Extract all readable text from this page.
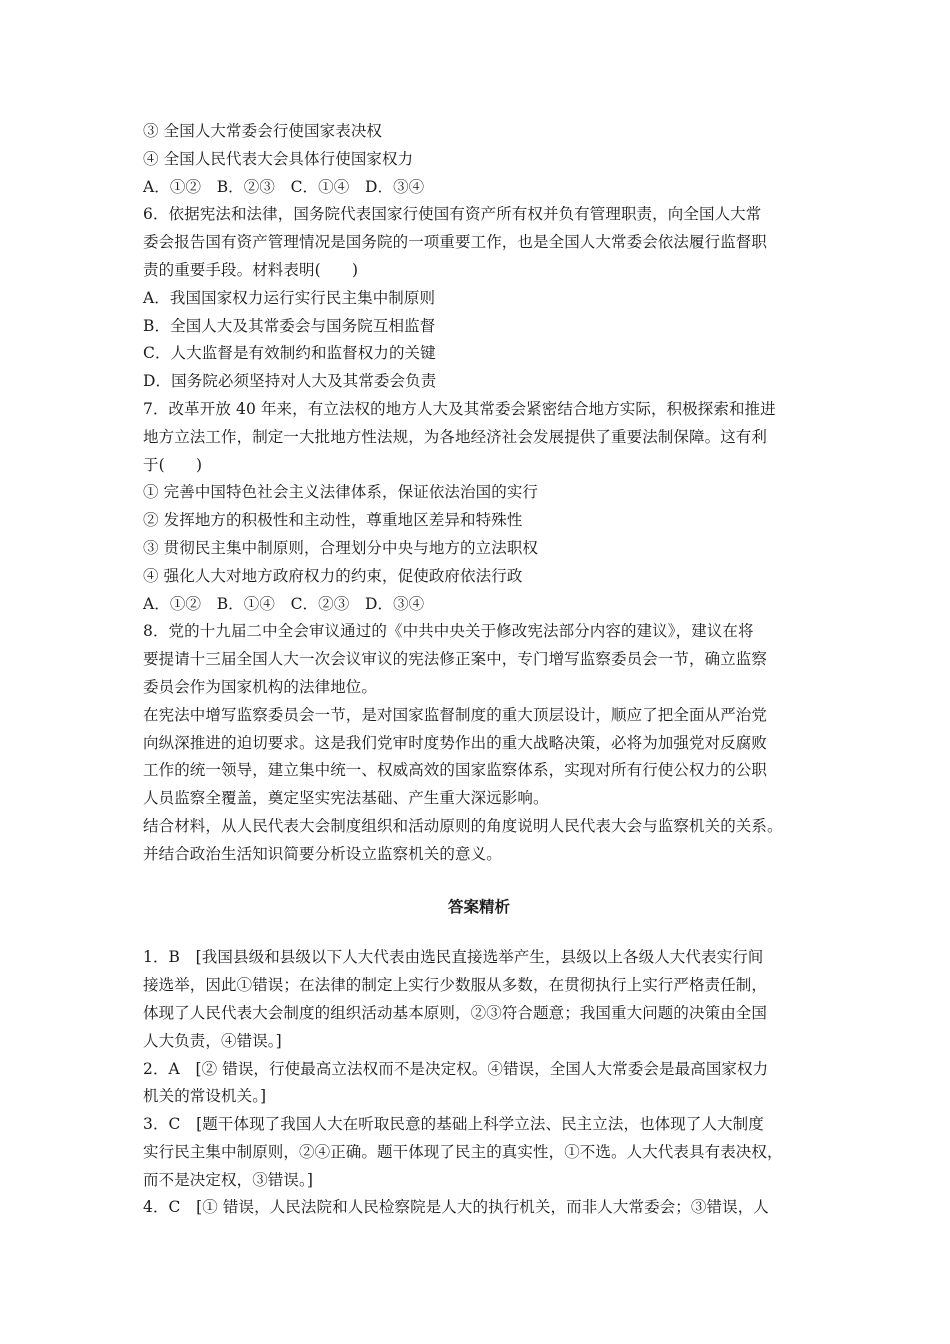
③ 全国人大常委会行使国家表决权
④ 全国人民代表大会具体行使国家权力
A．①②　B．②③　C．①④　D．③④
6．依据宪法和法律，国务院代表国家行使国有资产所有权并负有管理职责，向全国人大常
委会报告国有资产管理情况是国务院的一项重要工作，也是全国人大常委会依法履行监督职
责的重要手段。材料表明(　　)
A．我国国家权力运行实行民主集中制原则
B．全国人大及其常委会与国务院互相监督
C．人大监督是有效制约和监督权力的关键
D．国务院必须坚持对人大及其常委会负责
7．改革开放 40 年来，有立法权的地方人大及其常委会紧密结合地方实际，积极探索和推进
地方立法工作，制定一大批地方性法规，为各地经济社会发展提供了重要法制保障。这有利
于(　　)
① 完善中国特色社会主义法律体系，保证依法治国的实行
② 发挥地方的积极性和主动性，尊重地区差异和特殊性
③ 贯彻民主集中制原则，合理划分中央与地方的立法职权
④ 强化人大对地方政府权力的约束，促使政府依法行政
A．①②　B．①④　C．②③　D．③④
8．党的十九届二中全会审议通过的《中共中央关于修改宪法部分内容的建议》，建议在将
要提请十三届全国人大一次会议审议的宪法修正案中，专门增写监察委员会一节，确立监察
委员会作为国家机构的法律地位。
在宪法中增写监察委员会一节，是对国家监督制度的重大顶层设计，顺应了把全面从严治党
向纵深推进的迫切要求。这是我们党审时度势作出的重大战略决策，必将为加强党对反腐败
工作的统一领导，建立集中统一、权威高效的国家监察体系，实现对所有行使公权力的公职
人员监察全覆盖，奠定坚实宪法基础、产生重大深远影响。
结合材料，从人民代表大会制度组织和活动原则的角度说明人民代表大会与监察机关的关系。
并结合政治生活知识简要分析设立监察机关的意义。
答案精析
1．B　[我国县级和县级以下人大代表由选民直接选举产生，县级以上各级人大代表实行间
接选举，因此①错误；在法律的制定上实行少数服从多数，在贯彻执行上实行严格责任制，
体现了人民代表大会制度的组织活动基本原则，②③符合题意；我国重大问题的决策由全国
人大负责，④错误。]
2．A　[② 错误，行使最高立法权而不是决定权。④错误，全国人大常委会是最高国家权力
机关的常设机关。]
3．C　[题干体现了我国人大在听取民意的基础上科学立法、民主立法，也体现了人大制度
实行民主集中制原则，②④正确。题干体现了民主的真实性，①不选。人大代表具有表决权，
而不是决定权，③错误。]
4．C　[① 错误，人民法院和人民检察院是人大的执行机关，而非人大常委会；③错误，人
